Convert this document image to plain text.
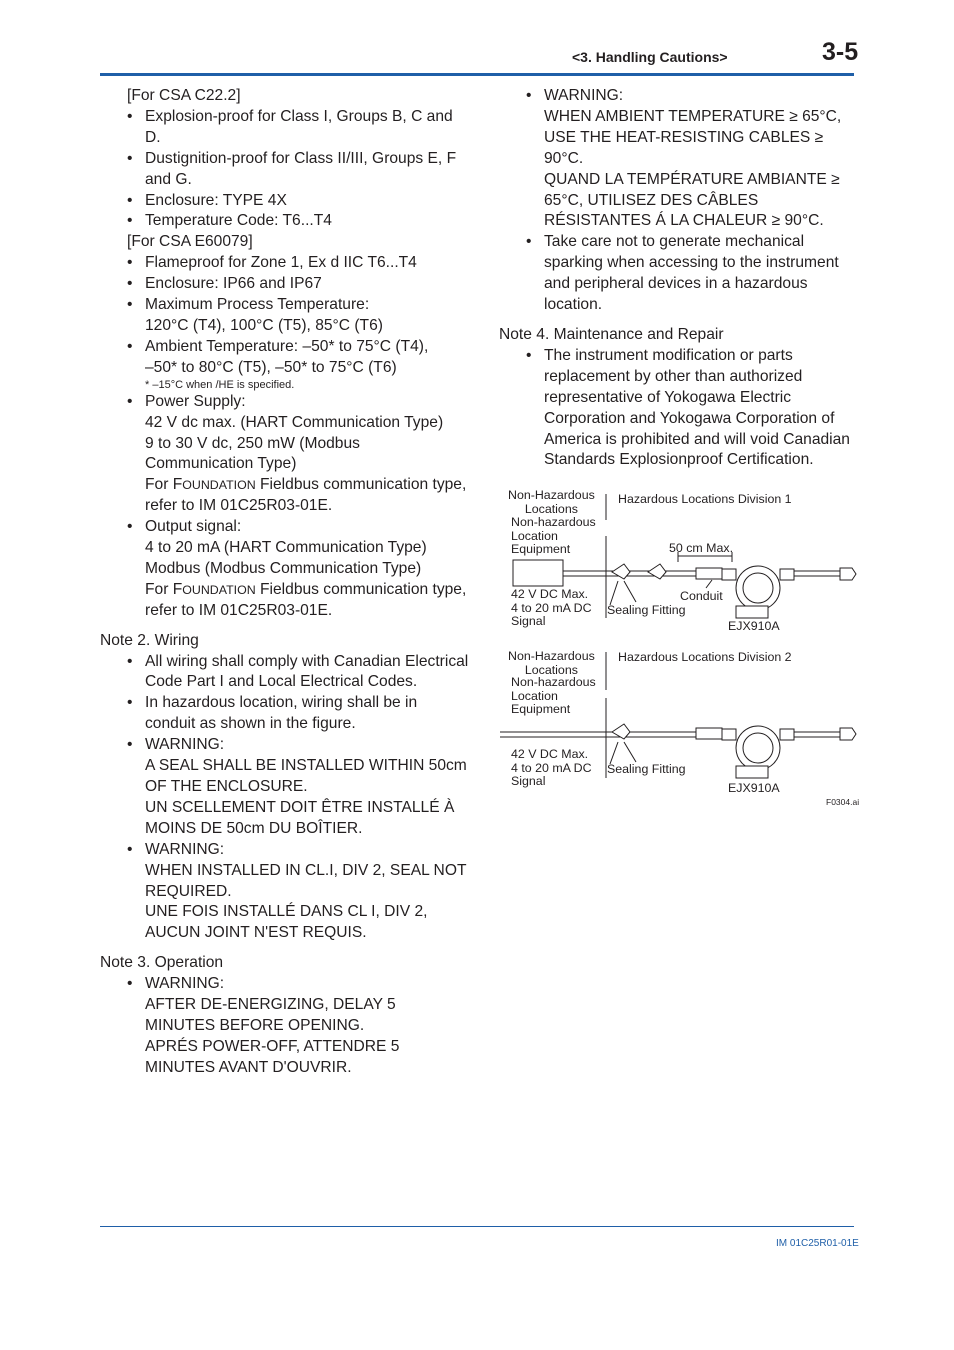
<3. Handling Cautions>	3-5

[For CSA C22.2]

• Explosion-proof for Class I, Groups B, C and D.
• Dustignition-proof for Class II/III, Groups E, F and G.
• Enclosure: TYPE 4X
• Temperature Code: T6...T4

[For CSA E60079]

• Flameproof for Zone 1, Ex d IIC T6...T4
• Enclosure: IP66 and IP67
• Maximum Process Temperature:
120°C (T4), 100°C (T5), 85°C (T6)
• Ambient Temperature: –50* to 75°C (T4),
–50* to 80°C (T5), –50* to 75°C (T6)
* –15°C when /HE is specified.
• Power Supply:
42 V dc max. (HART Communication Type)
9 to 30 V dc, 250 mW (Modbus Communication Type)
For FOUNDATION Fieldbus communication type, refer to IM 01C25R03-01E.
• Output signal:
4 to 20 mA (HART Communication Type)
Modbus (Modbus Communication Type)
For FOUNDATION Fieldbus communication type, refer to IM 01C25R03-01E.

Note 2. Wiring

• All wiring shall comply with Canadian Electrical Code Part I and Local Electrical Codes.
• In hazardous location, wiring shall be in conduit as shown in the figure.
• WARNING:
A SEAL SHALL BE INSTALLED WITHIN 50cm OF THE ENCLOSURE.
UN SCELLEMENT DOIT ÊTRE INSTALLÉ À MOINS DE 50cm DU BOÎTIER.
• WARNING:
WHEN INSTALLED IN CL.I, DIV 2, SEAL NOT REQUIRED.
UNE FOIS INSTALLÉ DANS CL I, DIV 2, AUCUN JOINT N'EST REQUIS.

Note 3. Operation

• WARNING:
AFTER DE-ENERGIZING, DELAY 5 MINUTES BEFORE OPENING.
APRÉS POWER-OFF, ATTENDRE 5 MINUTES AVANT D'OUVRIR.
• WARNING:
WHEN AMBIENT TEMPERATURE ≥ 65°C, USE THE HEAT-RESISTING CABLES ≥ 90°C.
QUAND LA TEMPÉRATURE AMBIANTE ≥ 65°C, UTILISEZ DES CÂBLES RÉSISTANTES Á LA CHALEUR ≥ 90°C.
• Take care not to generate mechanical sparking when accessing to the instrument and peripheral devices in a hazardous location.

Note 4. Maintenance and Repair

• The instrument modification or parts replacement by other than authorized representative of Yokogawa Electric Corporation and Yokogawa Corporation of America is prohibited and will void Canadian Standards Explosionproof Certification.
Non-Hazardous
Locations
Non-hazardous
Location
Equipment
Hazardous Locations Division 1
50 cm Max.
42 V DC Max.
4 to 20 mA DC
Signal
Sealing Fitting
Conduit
EJX910A
Non-Hazardous
Locations
Non-hazardous
Location
Equipment
Hazardous Locations Division 2
42 V DC Max.
4 to 20 mA DC
Signal
Sealing Fitting
EJX910A
F0304.ai
IM 01C25R01-01E
